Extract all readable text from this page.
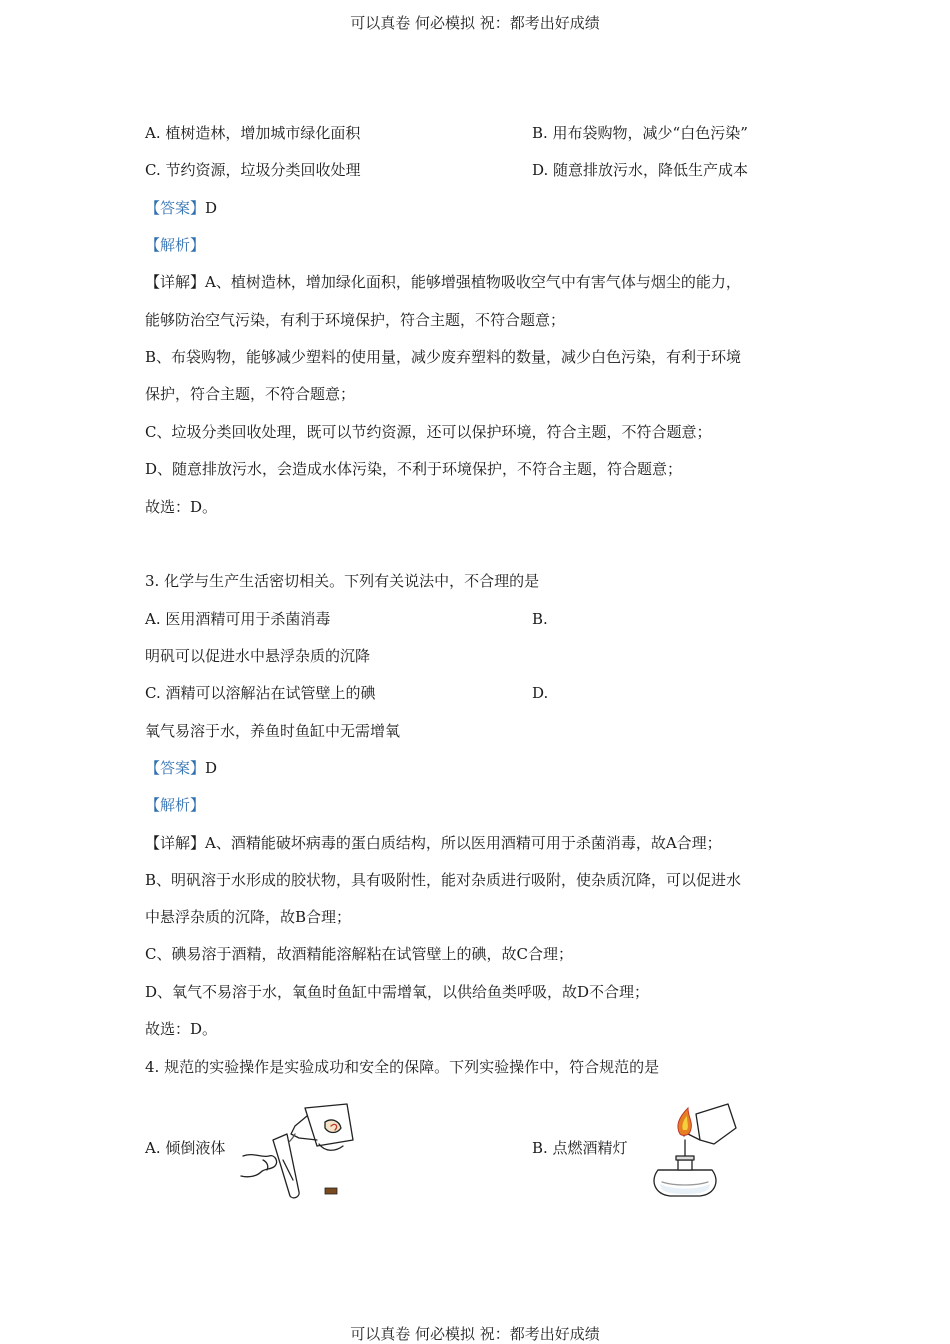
可以真卷 何必模拟 祝：都考出好成绩
A. 植树造林，增加城市绿化面积	B. 用布袋购物，减少“白色污染”
C. 节约资源，垃圾分类回收处理	D. 随意排放污水，降低生产成本
【答案】D
【解析】
【详解】A、植树造林，增加绿化面积，能够增强植物吸收空气中有害气体与烟尘的能力，
能够防治空气污染，有利于环境保护，符合主题，不符合题意；
B、布袋购物，能够减少塑料的使用量，减少废弃塑料的数量，减少白色污染，有利于环境
保护，符合主题，不符合题意；
C、垃圾分类回收处理，既可以节约资源，还可以保护环境，符合主题，不符合题意；
D、随意排放污水，会造成水体污染，不利于环境保护，不符合主题，符合题意；
故选：D。
3. 化学与生产生活密切相关。下列有关说法中，不合理的是
A. 医用酒精可用于杀菌消毒	B.
明矾可以促进水中悬浮杂质的沉降
C. 酒精可以溶解沾在试管壁上的碘	D.
氧气易溶于水，养鱼时鱼缸中无需增氧
【答案】D
【解析】
【详解】A、酒精能破坏病毒的蛋白质结构，所以医用酒精可用于杀菌消毒，故A合理；
B、明矾溶于水形成的胶状物，具有吸附性，能对杂质进行吸附，使杂质沉降，可以促进水
中悬浮杂质的沉降，故B合理；
C、碘易溶于酒精，故酒精能溶解粘在试管壁上的碘，故C合理；
D、氧气不易溶于水，氧鱼时鱼缸中需增氧，以供给鱼类呼吸，故D不合理；
故选：D。
4. 规范的实验操作是实验成功和安全的保障。下列实验操作中，符合规范的是
A. 倾倒液体	B. 点燃酒精灯
可以真卷 何必模拟 祝：都考出好成绩
